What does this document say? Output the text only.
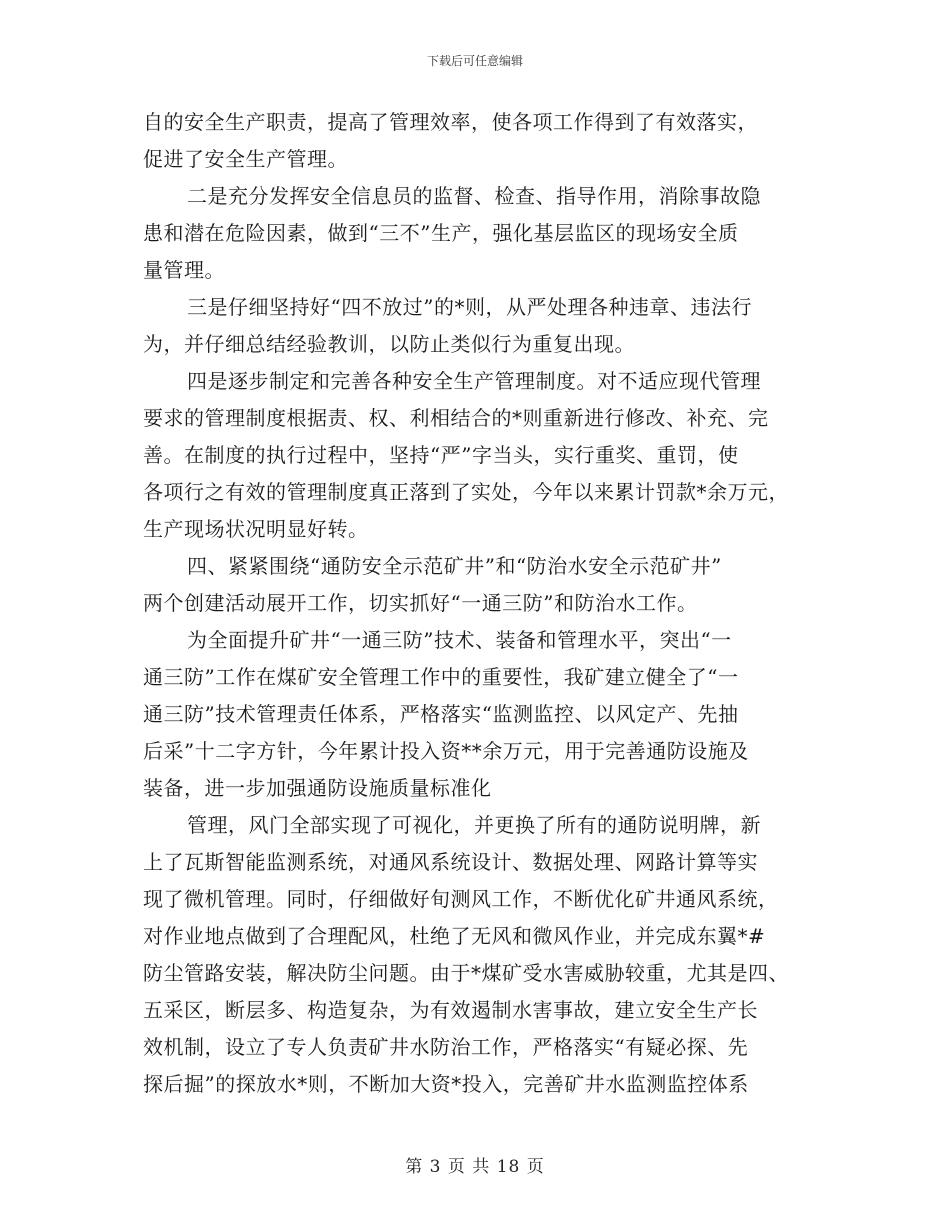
下载后可任意编辑
自的安全生产职责，提高了管理效率，使各项工作得到了有效落实，
促进了安全生产管理。
二是充分发挥安全信息员的监督、检查、指导作用，消除事故隐
患和潜在危险因素，做到“三不”生产，强化基层监区的现场安全质
量管理。
三是仔细坚持好“四不放过”的*则，从严处理各种违章、违法行
为，并仔细总结经验教训，以防止类似行为重复出现。
四是逐步制定和完善各种安全生产管理制度。对不适应现代管理
要求的管理制度根据责、权、利相结合的*则重新进行修改、补充、完
善。在制度的执行过程中，坚持“严”字当头，实行重奖、重罚，使
各项行之有效的管理制度真正落到了实处，今年以来累计罚款*余万元，
生产现场状况明显好转。
四、紧紧围绕“通防安全示范矿井”和“防治水安全示范矿井”
两个创建活动展开工作，切实抓好“一通三防”和防治水工作。
为全面提升矿井“一通三防”技术、装备和管理水平，突出“一
通三防”工作在煤矿安全管理工作中的重要性，我矿建立健全了“一
通三防”技术管理责任体系，严格落实“监测监控、以风定产、先抽
后采”十二字方针，今年累计投入资**余万元，用于完善通防设施及
装备，进一步加强通防设施质量标准化
管理，风门全部实现了可视化，并更换了所有的通防说明牌，新
上了瓦斯智能监测系统，对通风系统设计、数据处理、网路计算等实
现了微机管理。同时，仔细做好旬测风工作，不断优化矿井通风系统，
对作业地点做到了合理配风，杜绝了无风和微风作业，并完成东翼*#
防尘管路安装，解决防尘问题。由于*煤矿受水害威胁较重，尤其是四、
五采区，断层多、构造复杂，为有效遏制水害事故，建立安全生产长
效机制，设立了专人负责矿井水防治工作，严格落实“有疑必探、先
探后掘”的探放水*则，不断加大资*投入，完善矿井水监测监控体系
第 3 页 共 18 页
